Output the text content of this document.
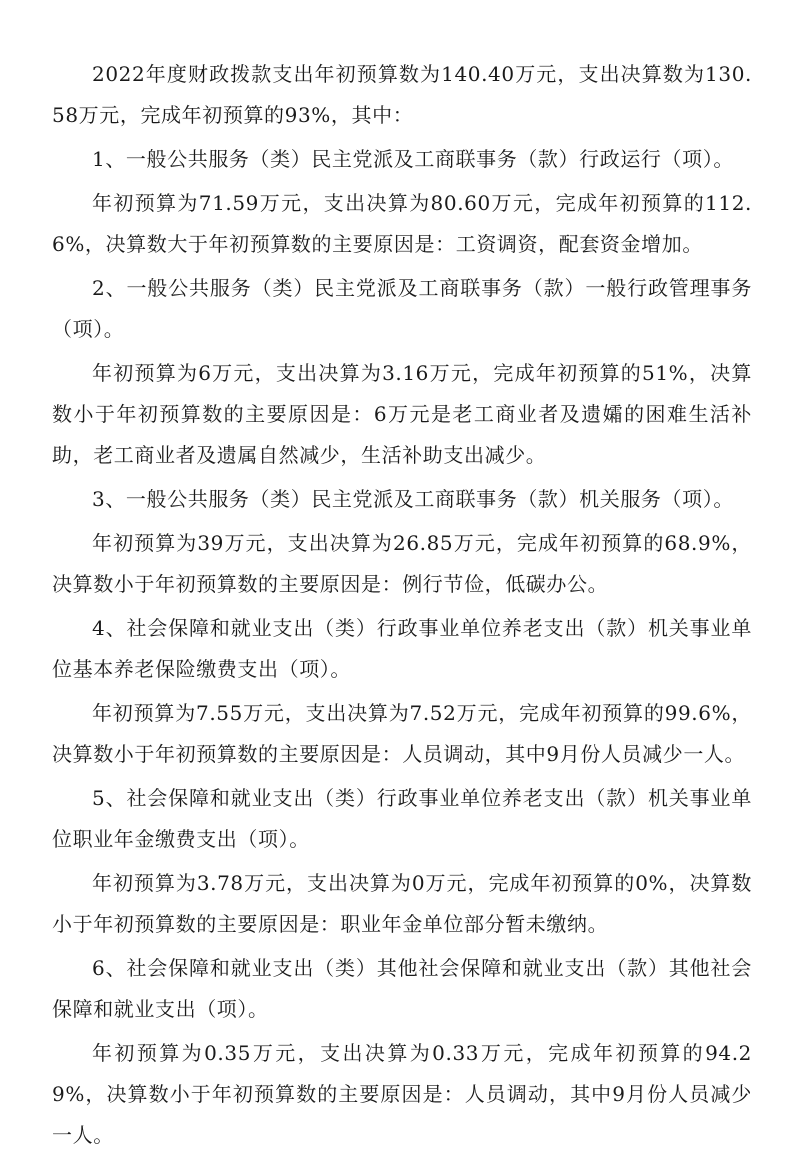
2022年度财政拨款支出年初预算数为140.40万元，支出决算数为130.58万元，完成年初预算的93%，其中：

1、一般公共服务（类）民主党派及工商联事务（款）行政运行（项）。

年初预算为71.59万元，支出决算为80.60万元，完成年初预算的112.6%，决算数大于年初预算数的主要原因是：工资调资，配套资金增加。

2、一般公共服务（类）民主党派及工商联事务（款）一般行政管理事务（项）。

年初预算为6万元，支出决算为3.16万元，完成年初预算的51%，决算数小于年初预算数的主要原因是：6万元是老工商业者及遗孀的困难生活补助，老工商业者及遗属自然减少，生活补助支出减少。

3、一般公共服务（类）民主党派及工商联事务（款）机关服务（项）。

年初预算为39万元，支出决算为26.85万元，完成年初预算的68.9%，决算数小于年初预算数的主要原因是：例行节俭，低碳办公。

4、社会保障和就业支出（类）行政事业单位养老支出（款）机关事业单位基本养老保险缴费支出（项）。

年初预算为7.55万元，支出决算为7.52万元，完成年初预算的99.6%，决算数小于年初预算数的主要原因是：人员调动，其中9月份人员减少一人。

5、社会保障和就业支出（类）行政事业单位养老支出（款）机关事业单位职业年金缴费支出（项）。

年初预算为3.78万元，支出决算为0万元，完成年初预算的0%，决算数小于年初预算数的主要原因是：职业年金单位部分暂未缴纳。

6、社会保障和就业支出（类）其他社会保障和就业支出（款）其他社会保障和就业支出（项）。

年初预算为0.35万元，支出决算为0.33万元，完成年初预算的94.29%，决算数小于年初预算数的主要原因是：人员调动，其中9月份人员减少一人。
